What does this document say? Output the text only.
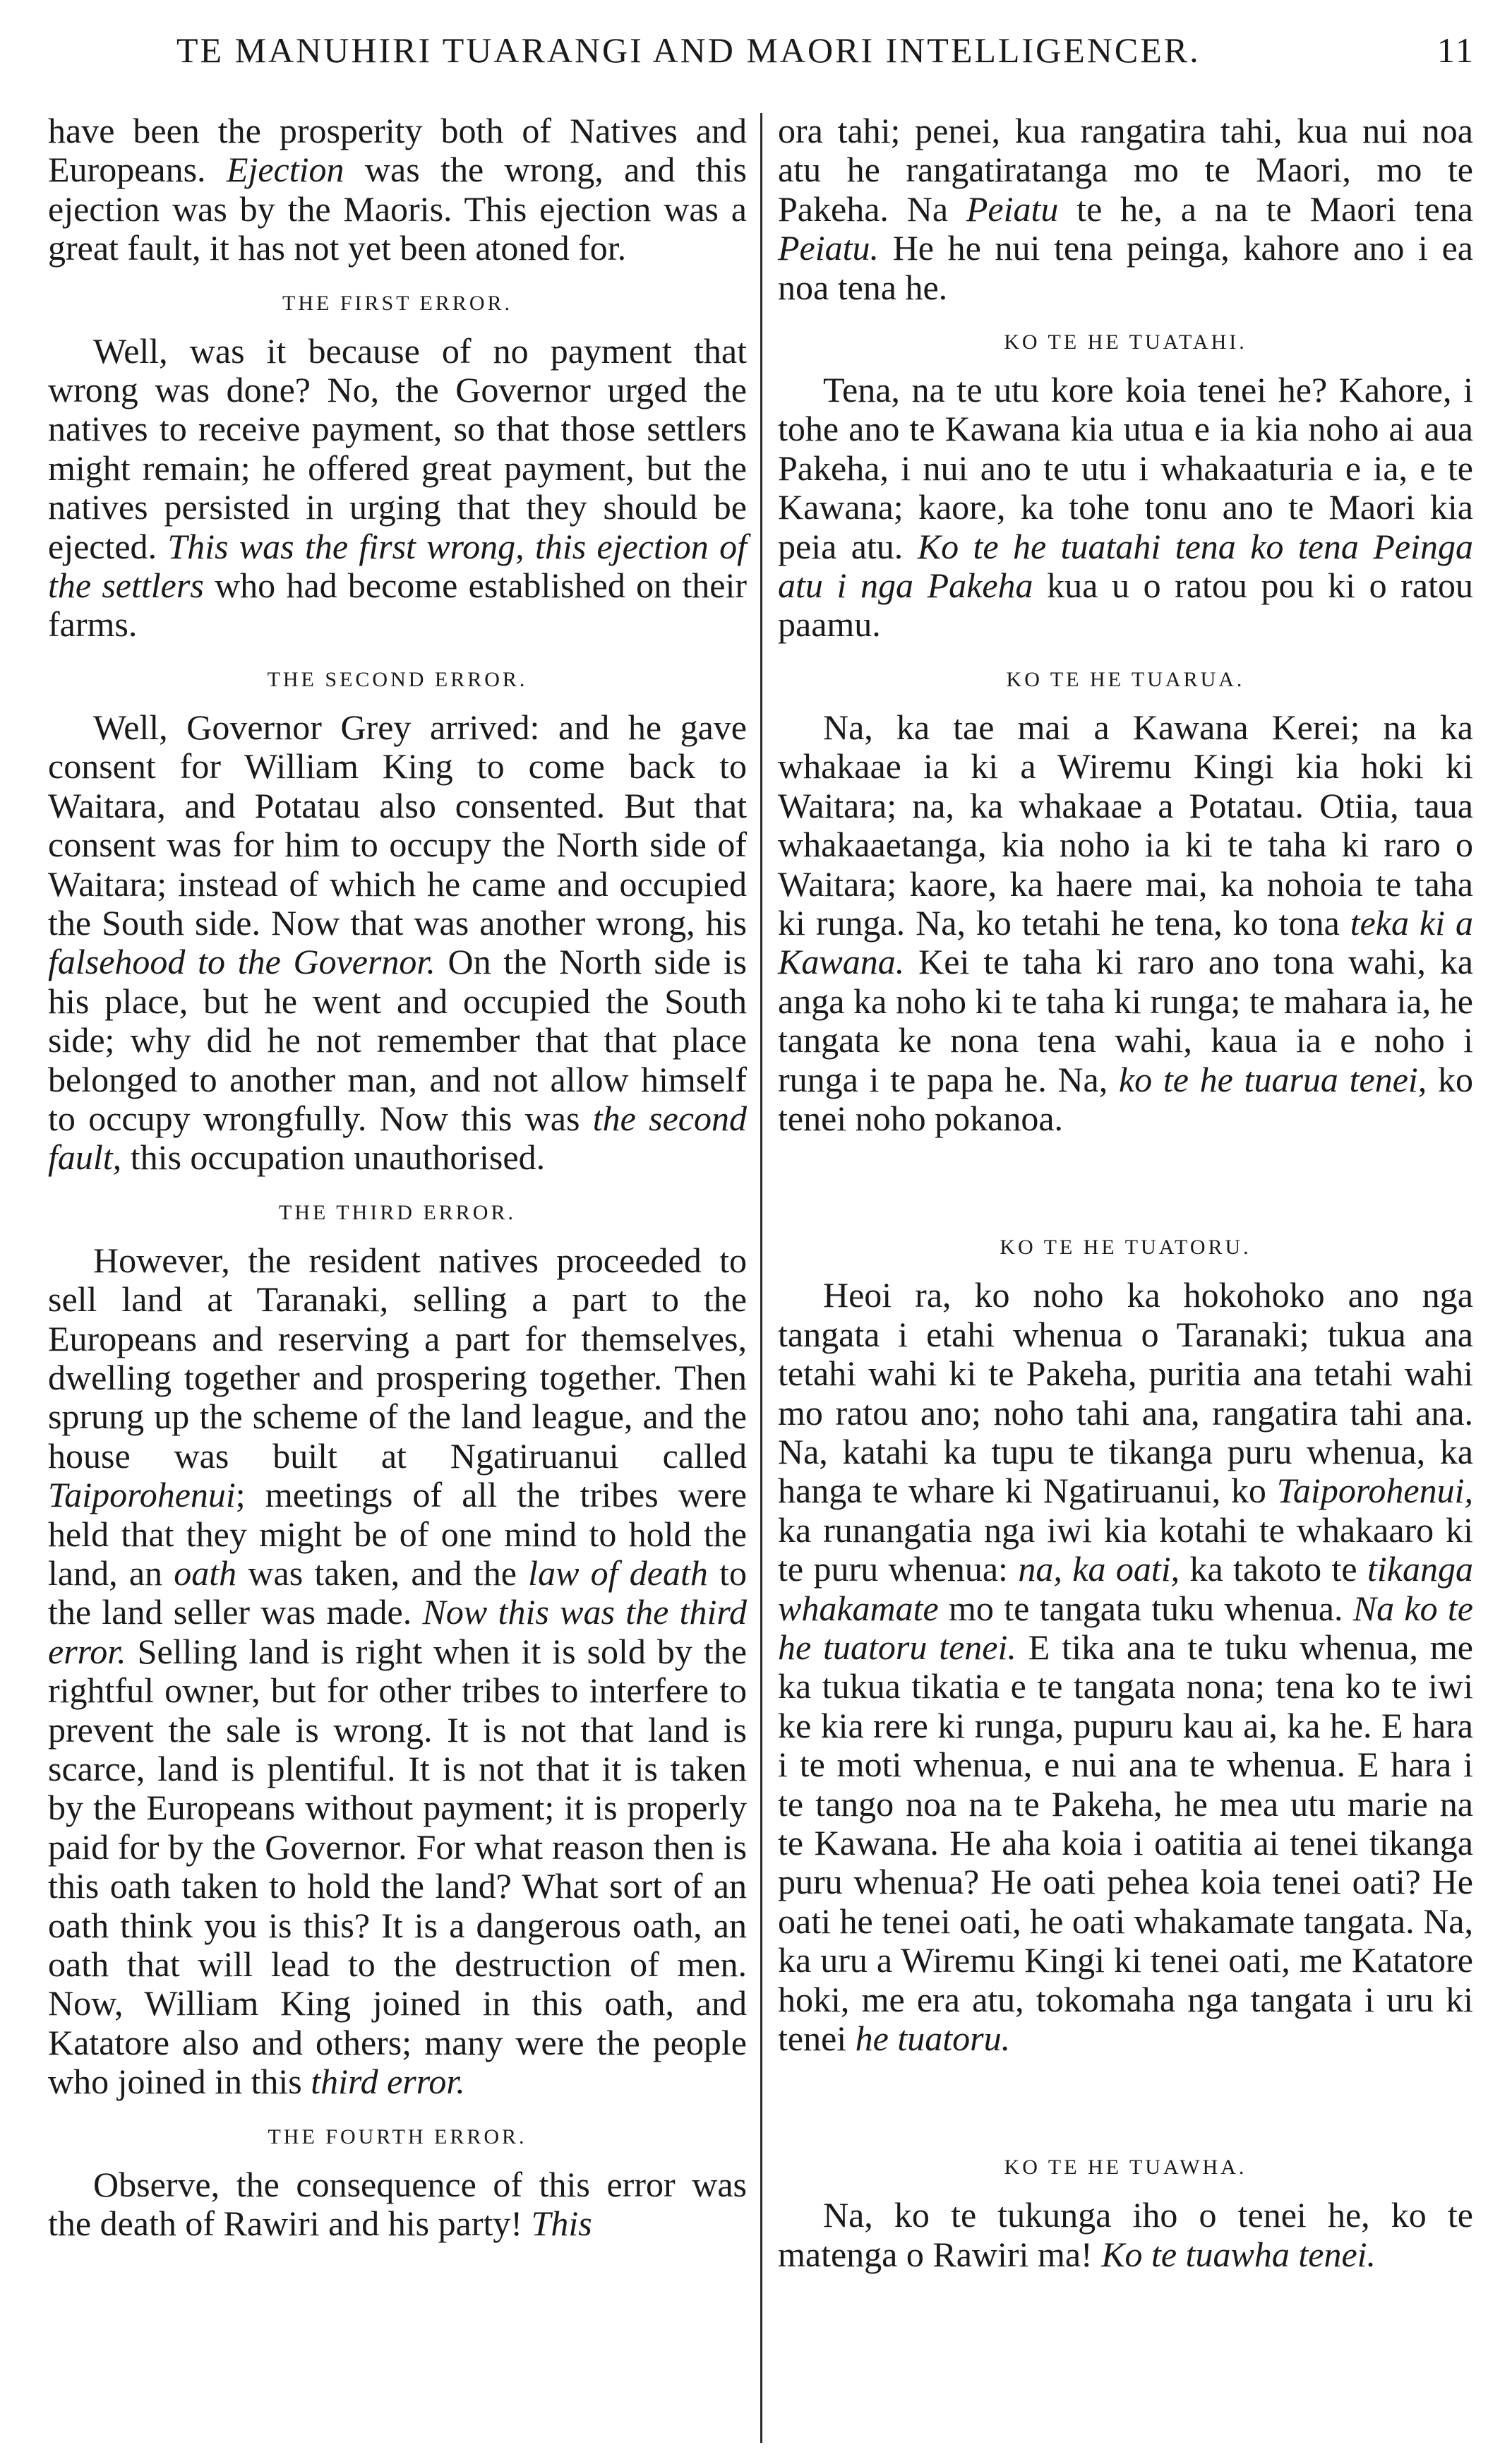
TE MANUHIRI TUARANGI AND MAORI INTELLIGENCER.	11

have been the prosperity both of Natives and Europeans. Ejection was the wrong, and this ejection was by the Maoris. This ejection was a great fault, it has not yet been atoned for.

THE FIRST ERROR.

Well, was it because of no payment that wrong was done? No, the Governor urged the natives to receive payment, so that those settlers might remain; he offered great payment, but the natives persisted in urging that they should be ejected. This was the first wrong, this ejection of the settlers who had become established on their farms.

THE SECOND ERROR.

Well, Governor Grey arrived: and he gave consent for William King to come back to Waitara, and Potatau also consented. But that consent was for him to occupy the North side of Waitara; instead of which he came and occupied the South side. Now that was another wrong, his falsehood to the Governor. On the North side is his place, but he went and occupied the South side; why did he not remember that that place belonged to another man, and not allow himself to occupy wrongfully. Now this was the second fault, this occupation unauthorised.

THE THIRD ERROR.

However, the resident natives proceeded to sell land at Taranaki, selling a part to the Europeans and reserving a part for themselves, dwelling together and prospering together. Then sprung up the scheme of the land league, and the house was built at Ngatiruanui called Taiporohenui; meetings of all the tribes were held that they might be of one mind to hold the land, an oath was taken, and the law of death to the land seller was made. Now this was the third error. Selling land is right when it is sold by the rightful owner, but for other tribes to interfere to prevent the sale is wrong. It is not that land is scarce, land is plentiful. It is not that it is taken by the Europeans without payment; it is properly paid for by the Governor. For what reason then is this oath taken to hold the land? What sort of an oath think you is this? It is a dangerous oath, an oath that will lead to the destruction of men. Now, William King joined in this oath, and Katatore also and others; many were the people who joined in this third error.

THE FOURTH ERROR.

Observe, the consequence of this error was the death of Rawiri and his party! This

ora tahi; penei, kua rangatira tahi, kua nui noa atu he rangatiratanga mo te Maori, mo te Pakeha. Na Peiatu te he, a na te Maori tena Peiatu. He he nui tena peinga, kahore ano i ea noa tena he.

KO TE HE TUATAHI.

Tena, na te utu kore koia tenei he? Kahore, i tohe ano te Kawana kia utua e ia kia noho ai aua Pakeha, i nui ano te utu i whakaaturia e ia, e te Kawana; kaore, ka tohe tonu ano te Maori kia peia atu. Ko te he tuatahi tena ko tena Peinga atu i nga Pakeha kua u o ratou pou ki o ratou paamu.

KO TE HE TUARUA.

Na, ka tae mai a Kawana Kerei; na ka whakaae ia ki a Wiremu Kingi kia hoki ki Waitara; na, ka whakaae a Potatau. Otiia, taua whakaaetanga, kia noho ia ki te taha ki raro o Waitara; kaore, ka haere mai, ka nohoia te taha ki runga. Na, ko tetahi he tena, ko tona teka ki a Kawana. Kei te taha ki raro ano tona wahi, ka anga ka noho ki te taha ki runga; te mahara ia, he tangata ke nona tena wahi, kaua ia e noho i runga i te papa he. Na, ko te he tuarua tenei, ko tenei noho pokanoa.

KO TE HE TUATORU.

Heoi ra, ko noho ka hokohoko ano nga tangata i etahi whenua o Taranaki; tukua ana tetahi wahi ki te Pakeha, puritia ana tetahi wahi mo ratou ano; noho tahi ana, rangatira tahi ana. Na, katahi ka tupu te tikanga puru whenua, ka hanga te whare ki Ngatiruanui, ko Taiporohenui, ka runangatia nga iwi kia kotahi te whakaaro ki te puru whenua: na, ka oati, ka takoto te tikanga whakamate mo te tangata tuku whenua. Na ko te he tuatoru tenei. E tika ana te tuku whenua, me ka tukua tikatia e te tangata nona; tena ko te iwi ke kia rere ki runga, pupuru kau ai, ka he. E hara i te moti whenua, e nui ana te whenua. E hara i te tango noa na te Pakeha, he mea utu marie na te Kawana. He aha koia i oatitia ai tenei tikanga puru whenua? He oati pehea koia tenei oati? He oati he tenei oati, he oati whakamate tangata. Na, ka uru a Wiremu Kingi ki tenei oati, me Katatore hoki, me era atu, tokomaha nga tangata i uru ki tenei he tuatoru.

KO TE HE TUAWHA.

Na, ko te tukunga iho o tenei he, ko te matenga o Rawiri ma! Ko te tuawha tenei.
